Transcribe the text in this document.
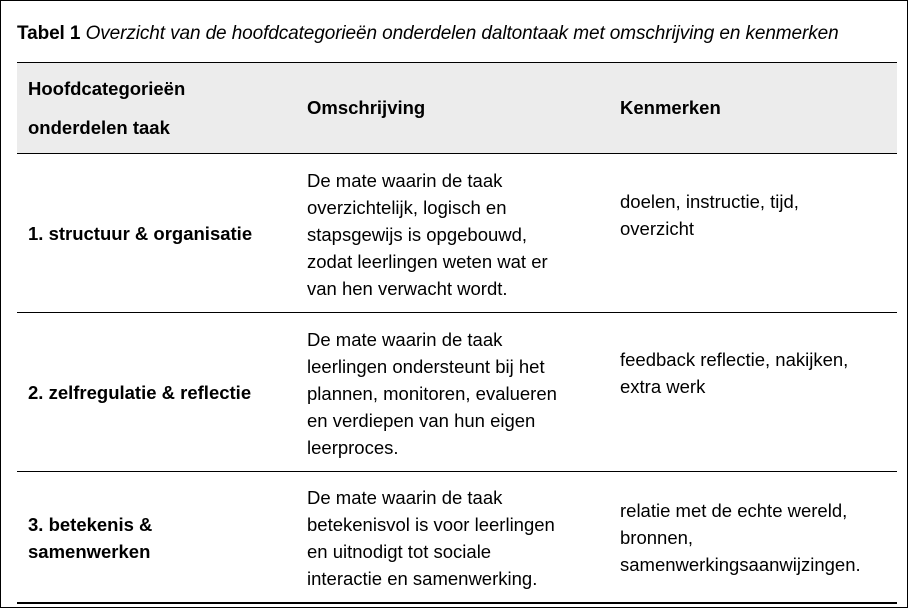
Tabel 1 Overzicht van de hoofdcategorieën onderdelen daltontaak met omschrijving en kenmerken
Hoofdcategorieën
onderdelen taak
Omschrijving	Kenmerken
1. structuur & organisatie
De mate waarin de taak
overzichtelijk, logisch en
stapsgewijs is opgebouwd,
zodat leerlingen weten wat er
van hen verwacht wordt.
doelen, instructie, tijd,
overzicht
2. zelfregulatie & reflectie
De mate waarin de taak
leerlingen ondersteunt bij het
plannen, monitoren, evalueren
en verdiepen van hun eigen
leerproces.
feedback reflectie, nakijken,
extra werk
3. betekenis &
samenwerken
De mate waarin de taak
betekenisvol is voor leerlingen
en uitnodigt tot sociale
interactie en samenwerking.
relatie met de echte wereld,
bronnen,
samenwerkingsaanwijzingen.
